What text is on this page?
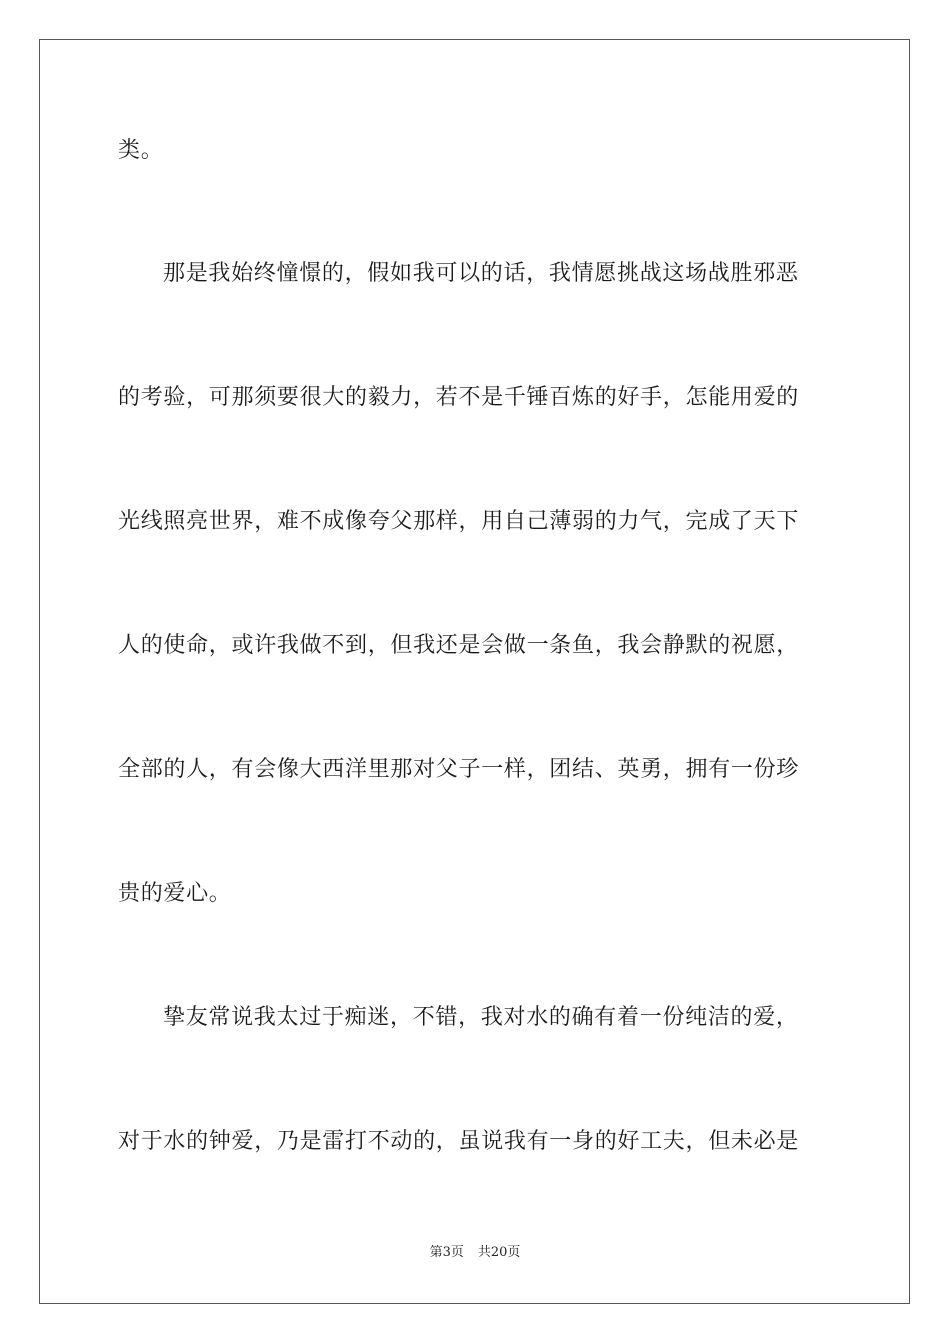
类。
那是我始终憧憬的，假如我可以的话，我情愿挑战这场战胜邪恶
的考验，可那须要很大的毅力，若不是千锤百炼的好手，怎能用爱的
光线照亮世界，难不成像夸父那样，用自己薄弱的力气，完成了天下
人的使命，或许我做不到，但我还是会做一条鱼，我会静默的祝愿，
全部的人，有会像大西洋里那对父子一样，团结、英勇，拥有一份珍
贵的爱心。
挚友常说我太过于痴迷，不错，我对水的确有着一份纯洁的爱，
对于水的钟爱，乃是雷打不动的，虽说我有一身的好工夫，但未必是
第3页 共20页
